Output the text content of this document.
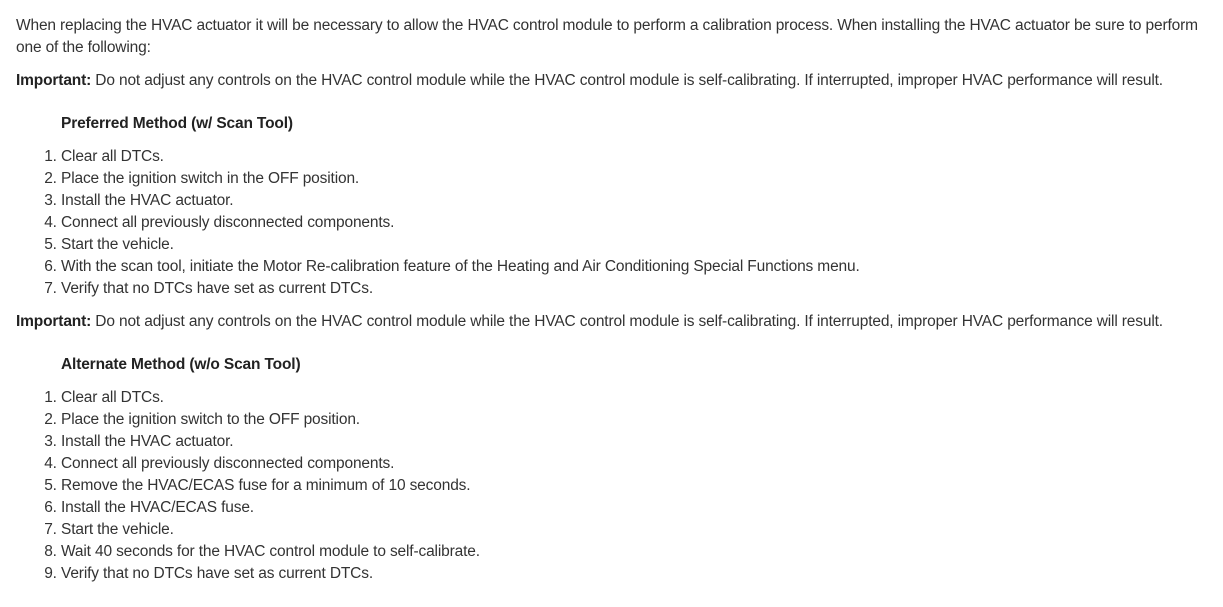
When replacing the HVAC actuator it will be necessary to allow the HVAC control module to perform a calibration process. When installing the HVAC actuator be sure to perform one of the following:

Important: Do not adjust any controls on the HVAC control module while the HVAC control module is self-calibrating. If interrupted, improper HVAC performance will result.

Preferred Method (w/ Scan Tool)
1. Clear all DTCs.
2. Place the ignition switch in the OFF position.
3. Install the HVAC actuator.
4. Connect all previously disconnected components.
5. Start the vehicle.
6. With the scan tool, initiate the Motor Re-calibration feature of the Heating and Air Conditioning Special Functions menu.
7. Verify that no DTCs have set as current DTCs.

Important: Do not adjust any controls on the HVAC control module while the HVAC control module is self-calibrating. If interrupted, improper HVAC performance will result.

Alternate Method (w/o Scan Tool)
1. Clear all DTCs.
2. Place the ignition switch to the OFF position.
3. Install the HVAC actuator.
4. Connect all previously disconnected components.
5. Remove the HVAC/ECAS fuse for a minimum of 10 seconds.
6. Install the HVAC/ECAS fuse.
7. Start the vehicle.
8. Wait 40 seconds for the HVAC control module to self-calibrate.
9. Verify that no DTCs have set as current DTCs.
